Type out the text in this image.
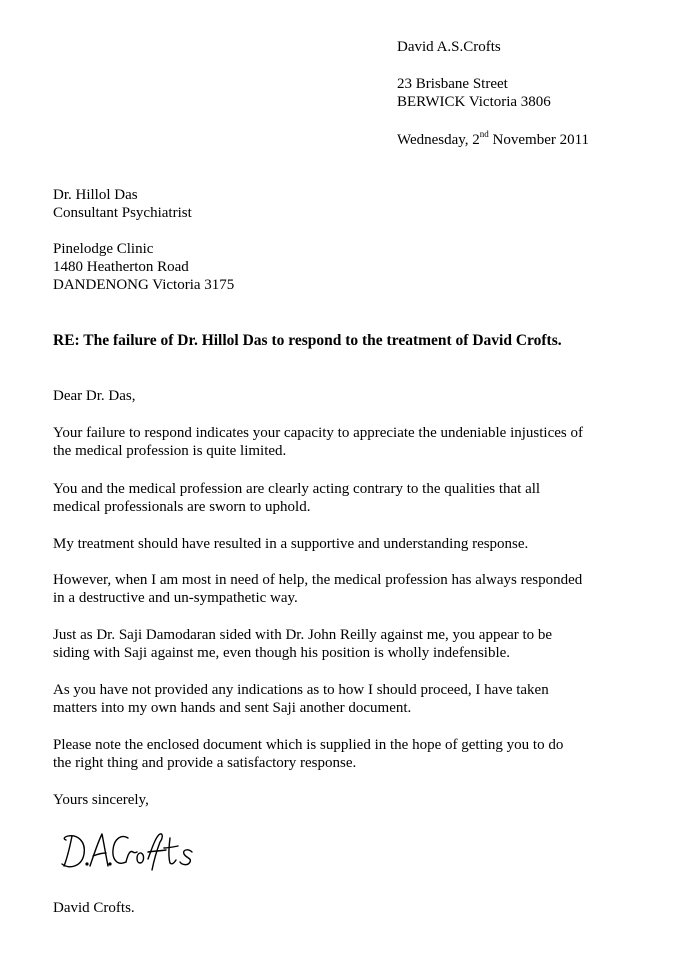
David A.S.Crofts
23 Brisbane Street
BERWICK Victoria 3806
Wednesday, 2nd November 2011
Dr. Hillol Das
Consultant Psychiatrist
Pinelodge Clinic
1480 Heatherton Road
DANDENONG Victoria 3175
RE: The failure of Dr. Hillol Das to respond to the treatment of David Crofts.
Dear Dr. Das,
Your failure to respond indicates your capacity to appreciate the undeniable injustices of
the medical profession is quite limited.
You and the medical profession are clearly acting contrary to the qualities that all
medical professionals are sworn to uphold.
My treatment should have resulted in a supportive and understanding response.
However, when I am most in need of help, the medical profession has always responded
in a destructive and un-sympathetic way.
Just as Dr. Saji Damodaran sided with Dr. John Reilly against me, you appear to be
siding with Saji against me, even though his position is wholly indefensible.
As you have not provided any indications as to how I should proceed, I have taken
matters into my own hands and sent Saji another document.
Please note the enclosed document which is supplied in the hope of getting you to do
the right thing and provide a satisfactory response.
Yours sincerely,
David Crofts.
